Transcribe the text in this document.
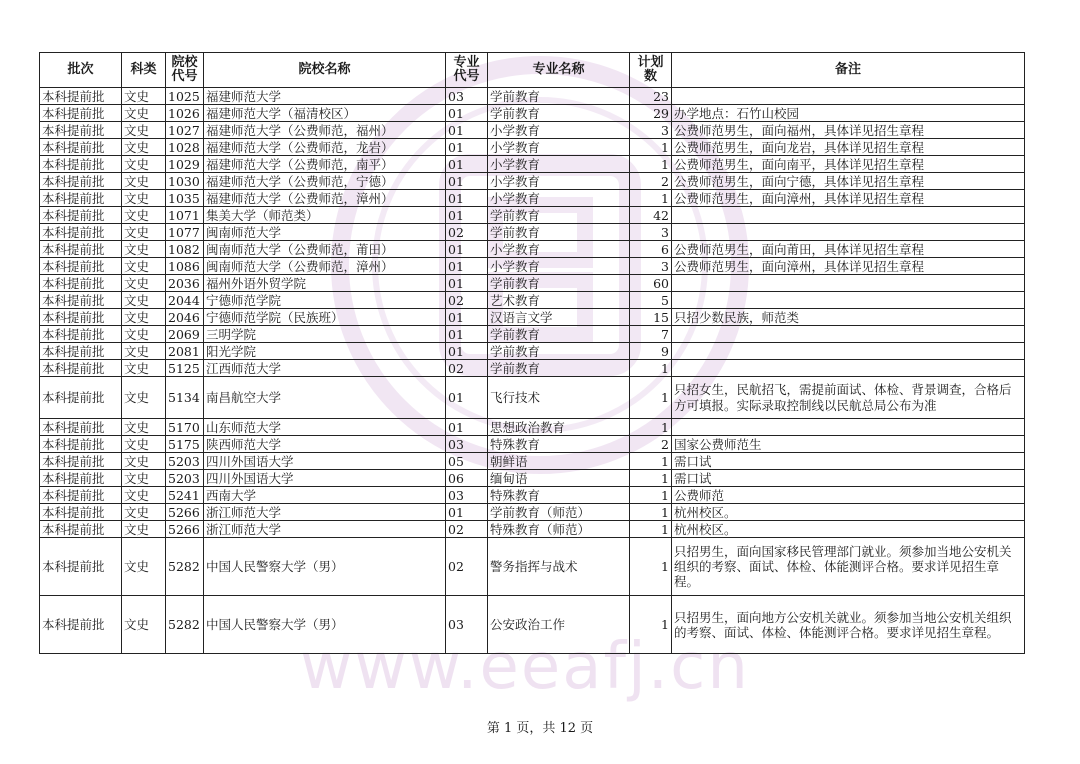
www.eeafj.cn
批次	科类	院校代号	院校名称	专业代号	专业名称	计划数	备注
本科提前批	文史	1025	福建师范大学	03	学前教育	23	
本科提前批	文史	1026	福建师范大学（福清校区）	01	学前教育	29	办学地点：石竹山校园
本科提前批	文史	1027	福建师范大学（公费师范，福州）	01	小学教育	3	公费师范男生，面向福州，具体详见招生章程
本科提前批	文史	1028	福建师范大学（公费师范，龙岩）	01	小学教育	1	公费师范男生，面向龙岩，具体详见招生章程
本科提前批	文史	1029	福建师范大学（公费师范，南平）	01	小学教育	1	公费师范男生，面向南平，具体详见招生章程
本科提前批	文史	1030	福建师范大学（公费师范，宁德）	01	小学教育	2	公费师范男生，面向宁德，具体详见招生章程
本科提前批	文史	1035	福建师范大学（公费师范，漳州）	01	小学教育	1	公费师范男生，面向漳州，具体详见招生章程
本科提前批	文史	1071	集美大学（师范类）	01	学前教育	42	
本科提前批	文史	1077	闽南师范大学	02	学前教育	3	
本科提前批	文史	1082	闽南师范大学（公费师范，莆田）	01	小学教育	6	公费师范男生，面向莆田，具体详见招生章程
本科提前批	文史	1086	闽南师范大学（公费师范，漳州）	01	小学教育	3	公费师范男生，面向漳州，具体详见招生章程
本科提前批	文史	2036	福州外语外贸学院	01	学前教育	60	
本科提前批	文史	2044	宁德师范学院	02	艺术教育	5	
本科提前批	文史	2046	宁德师范学院（民族班）	01	汉语言文学	15	只招少数民族，师范类
本科提前批	文史	2069	三明学院	01	学前教育	7	
本科提前批	文史	2081	阳光学院	01	学前教育	9	
本科提前批	文史	5125	江西师范大学	02	学前教育	1	
本科提前批	文史	5134	南昌航空大学	01	飞行技术	1	只招女生，民航招飞，需提前面试、体检、背景调查，合格后方可填报。实际录取控制线以民航总局公布为准
本科提前批	文史	5170	山东师范大学	01	思想政治教育	1	
本科提前批	文史	5175	陕西师范大学	03	特殊教育	2	国家公费师范生
本科提前批	文史	5203	四川外国语大学	05	朝鲜语	1	需口试
本科提前批	文史	5203	四川外国语大学	06	缅甸语	1	需口试
本科提前批	文史	5241	西南大学	03	特殊教育	1	公费师范
本科提前批	文史	5266	浙江师范大学	01	学前教育（师范）	1	杭州校区。
本科提前批	文史	5266	浙江师范大学	02	特殊教育（师范）	1	杭州校区。
本科提前批	文史	5282	中国人民警察大学（男）	02	警务指挥与战术	1	只招男生，面向国家移民管理部门就业。须参加当地公安机关组织的考察、面试、体检、体能测评合格。要求详见招生章程。
本科提前批	文史	5282	中国人民警察大学（男）	03	公安政治工作	1	只招男生，面向地方公安机关就业。须参加当地公安机关组织的考察、面试、体检、体能测评合格。要求详见招生章程。
第 1 页，共 12 页
